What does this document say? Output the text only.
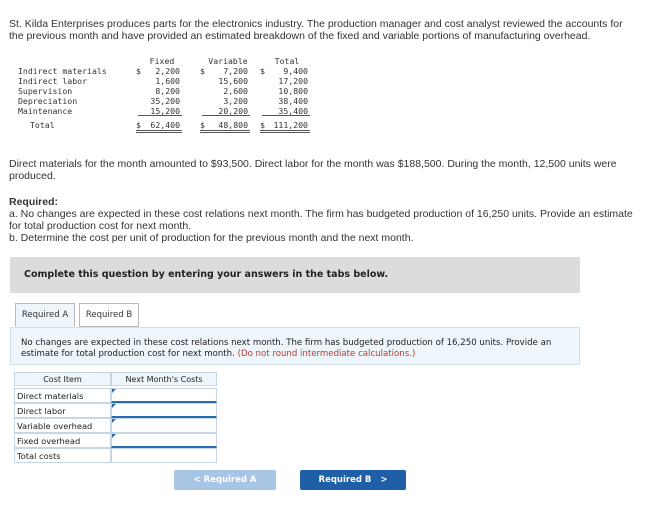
St. Kilda Enterprises produces parts for the electronics industry. The production manager and cost analyst reviewed the accounts for the previous month and have provided an estimated breakdown of the fixed and variable portions of manufacturing overhead.
Fixed	Variable	Total
Indirect materials	$	2,200 $	7,200 $	9,400
Indirect labor	1,600	15,600	17,200
Supervision	8,200	2,600	10,800
Depreciation	35,200	3,200	38,400
Maintenance	15,200	20,200	35,400
Total	$	62,400 $	48,800 $	111,200
Direct materials for the month amounted to $93,500. Direct labor for the month was $188,500. During the month, 12,500 units were produced.
Required:
a. No changes are expected in these cost relations next month. The firm has budgeted production of 16,250 units. Provide an estimate for total production cost for next month.
b. Determine the cost per unit of production for the previous month and the next month.
Complete this question by entering your answers in the tabs below.
Required A	Required B
No changes are expected in these cost relations next month. The firm has budgeted production of 16,250 units. Provide an estimate for total production cost for next month. (Do not round intermediate calculations.)
Cost Item	Next Month's Costs
Direct materials
Direct labor
Variable overhead
Fixed overhead
Total costs
< Required A	Required B >
